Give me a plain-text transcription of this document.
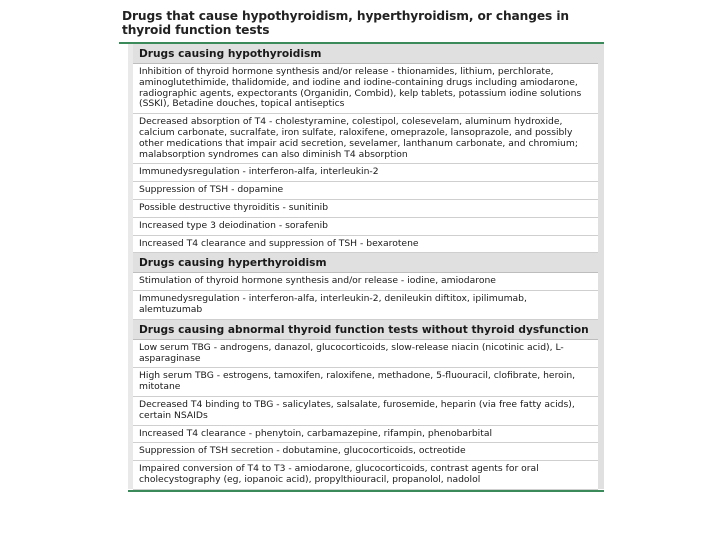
Drugs that cause hypothyroidism, hyperthyroidism, or changes in thyroid function tests
	Drugs causing hypothyroidism	
	Inhibition of thyroid hormone synthesis and/or release - thionamides, lithium, perchlorate, aminoglutethimide, thalidomide, and iodine and iodine-containing drugs including amiodarone, radiographic agents, expectorants (Organidin, Combid), kelp tablets, potassium iodine solutions (SSKI), Betadine douches, topical antiseptics	
	Decreased absorption of T4 - cholestyramine, colestipol, colesevelam, aluminum hydroxide, calcium carbonate, sucralfate, iron sulfate, raloxifene, omeprazole, lansoprazole, and possibly other medications that impair acid secretion, sevelamer, lanthanum carbonate, and chromium; malabsorption syndromes can also diminish T4 absorption	
	Immunedysregulation - interferon-alfa, interleukin-2	
	Suppression of TSH - dopamine	
	Possible destructive thyroiditis - sunitinib	
	Increased type 3 deiodination - sorafenib	
	Increased T4 clearance and suppression of TSH - bexarotene	
	Drugs causing hyperthyroidism	
	Stimulation of thyroid hormone synthesis and/or release - iodine, amiodarone	
	Immunedysregulation - interferon-alfa, interleukin-2, denileukin diftitox, ipilimumab, alemtuzumab	
	Drugs causing abnormal thyroid function tests without thyroid dysfunction	
	Low serum TBG - androgens, danazol, glucocorticoids, slow-release niacin (nicotinic acid), L-asparaginase	
	High serum TBG - estrogens, tamoxifen, raloxifene, methadone, 5-fluouracil, clofibrate, heroin, mitotane	
	Decreased T4 binding to TBG - salicylates, salsalate, furosemide, heparin (via free fatty acids), certain NSAIDs	
	Increased T4 clearance - phenytoin, carbamazepine, rifampin, phenobarbital	
	Suppression of TSH secretion - dobutamine, glucocorticoids, octreotide	
	Impaired conversion of T4 to T3 - amiodarone, glucocorticoids, contrast agents for oral cholecystography (eg, iopanoic acid), propylthiouracil, propanolol, nadolol	
